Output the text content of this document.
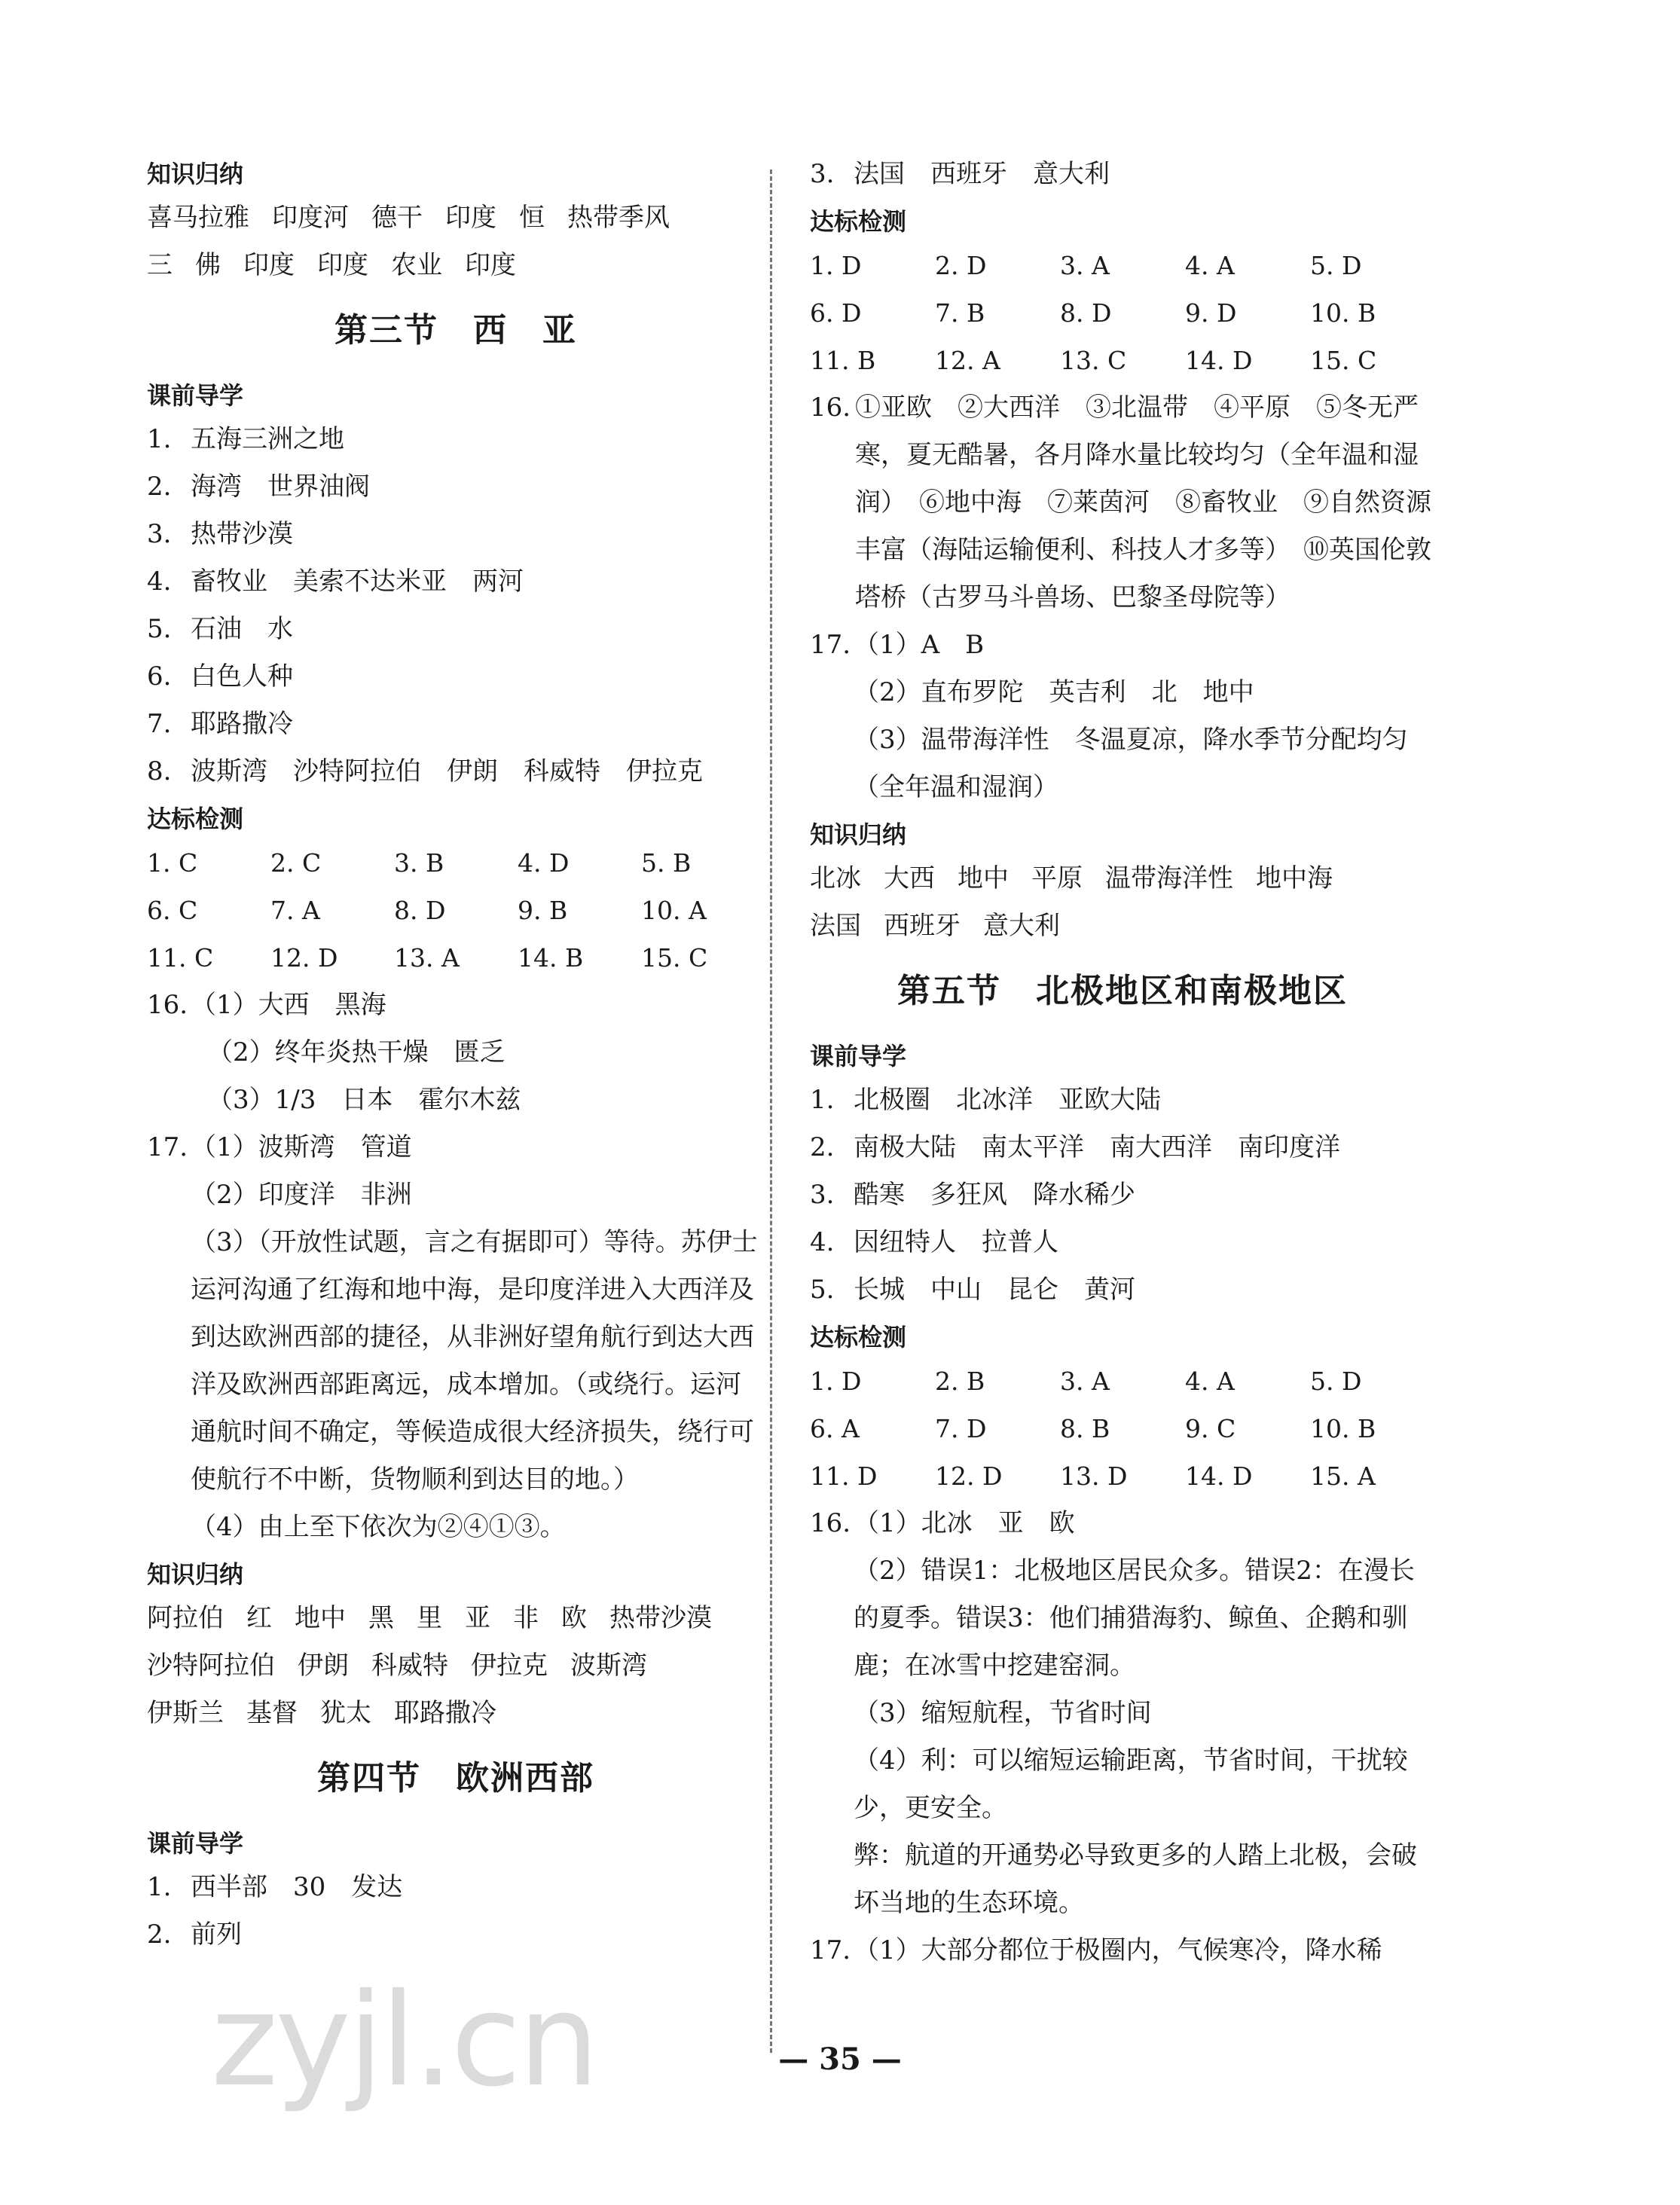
知识归纳
喜马拉雅 印度河 德干 印度 恒 热带季风
三 佛 印度 印度 农业 印度
第三节　西　亚
课前导学
1. 五海三洲之地
2. 海湾　世界油阀
3. 热带沙漠
4. 畜牧业　美索不达米亚　两河
5. 石油　水
6. 白色人种
7. 耶路撒冷
8. 波斯湾　沙特阿拉伯　伊朗　科威特　伊拉克
达标检测
1. C	2. C	3. B	4. D	5. B
6. C	7. A	8. D	9. B	10. A
11. C	12. D	13. A	14. B	15. C
16. （1）大西　黑海
（2）终年炎热干燥　匮乏
（3）1/3　日本　霍尔木兹
17. （1）波斯湾　管道
（2）印度洋　非洲
（3）（开放性试题，言之有据即可）等待。苏伊士运河沟通了红海和地中海，是印度洋进入大西洋及到达欧洲西部的捷径，从非洲好望角航行到达大西洋及欧洲西部距离远，成本增加。（或绕行。运河通航时间不确定，等候造成很大经济损失，绕行可使航行不中断，货物顺利到达目的地。）
（4）由上至下依次为②④①③。
知识归纳
阿拉伯 红 地中 黑 里 亚 非 欧 热带沙漠
沙特阿拉伯 伊朗 科威特 伊拉克 波斯湾
伊斯兰 基督 犹太 耶路撒冷
第四节　欧洲西部
课前导学
1. 西半部　30　发达
2. 前列
3. 法国　西班牙　意大利
达标检测
1. D	2. D	3. A	4. A	5. D
6. D	7. B	8. D	9. D	10. B
11. B	12. A	13. C	14. D	15. C
16. ①亚欧　②大西洋　③北温带　④平原　⑤冬无严寒，夏无酷暑，各月降水量比较均匀（全年温和湿润）　⑥地中海　⑦莱茵河　⑧畜牧业　⑨自然资源丰富（海陆运输便利、科技人才多等）　⑩英国伦敦塔桥（古罗马斗兽场、巴黎圣母院等）
17. （1）A　B
（2）直布罗陀　英吉利　北　地中
（3）温带海洋性　冬温夏凉，降水季节分配均匀（全年温和湿润）
知识归纳
北冰 大西 地中 平原 温带海洋性 地中海
法国 西班牙 意大利
第五节　北极地区和南极地区
课前导学
1. 北极圈　北冰洋　亚欧大陆
2. 南极大陆　南太平洋　南大西洋　南印度洋
3. 酷寒　多狂风　降水稀少
4. 因纽特人　拉普人
5. 长城　中山　昆仑　黄河
达标检测
1. D	2. B	3. A	4. A	5. D
6. A	7. D	8. B	9. C	10. B
11. D	12. D	13. D	14. D	15. A
16. （1）北冰　亚　欧
（2）错误1：北极地区居民众多。错误2：在漫长的夏季。错误3：他们捕猎海豹、鲸鱼、企鹅和驯鹿；在冰雪中挖建窑洞。
（3）缩短航程，节省时间
（4）利：可以缩短运输距离，节省时间，干扰较少，更安全。
弊：航道的开通势必导致更多的人踏上北极，会破坏当地的生态环境。
17. （1）大部分都位于极圈内，气候寒冷，降水稀
— 35 —
zyjl.cn
